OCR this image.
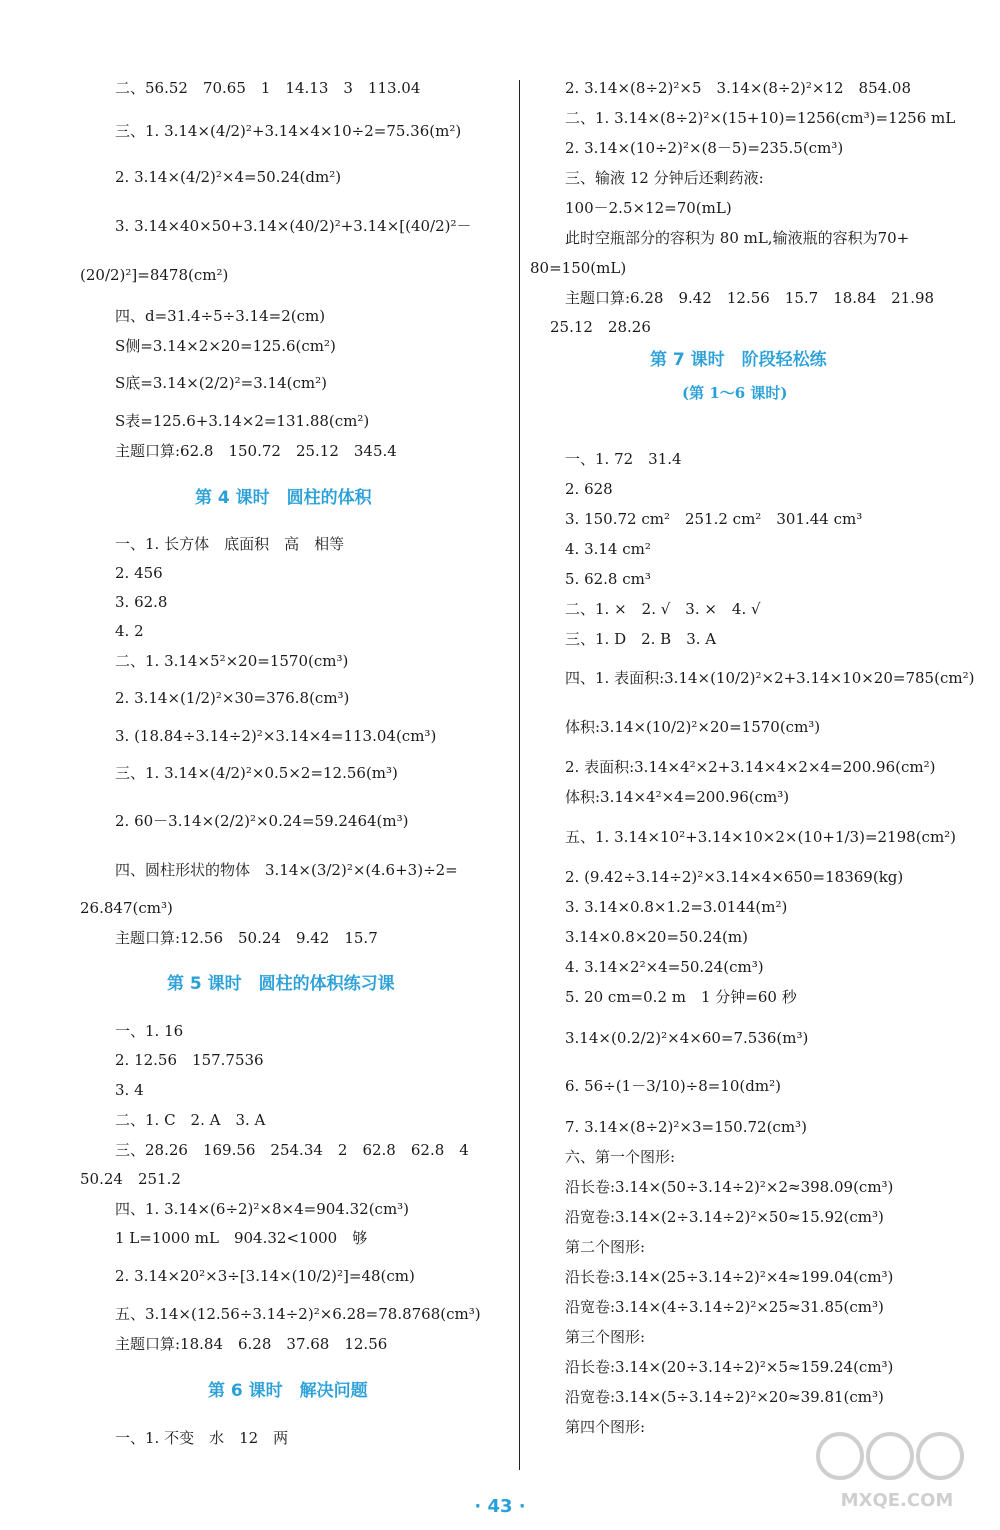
二、56.52　70.65　1　14.13　3　113.04
三、1. 3.14×(4/2)²+3.14×4×10÷2=75.36(m²)
2. 3.14×(4/2)²×4=50.24(dm²)
3. 3.14×40×50+3.14×(40/2)²+3.14×[(40/2)²－
(20/2)²]=8478(cm²)
四、d=31.4÷5÷3.14=2(cm)
S侧=3.14×2×20=125.6(cm²)
S底=3.14×(2/2)²=3.14(cm²)
S表=125.6+3.14×2=131.88(cm²)
主题口算:62.8　150.72　25.12　345.4
第 4 课时　圆柱的体积
一、1. 长方体　底面积　高　相等
2. 456
3. 62.8
4. 2
二、1. 3.14×5²×20=1570(cm³)
2. 3.14×(1/2)²×30=376.8(cm³)
3. (18.84÷3.14÷2)²×3.14×4=113.04(cm³)
三、1. 3.14×(4/2)²×0.5×2=12.56(m³)
2. 60－3.14×(2/2)²×0.24=59.2464(m³)
四、圆柱形状的物体　3.14×(3/2)²×(4.6+3)÷2=
26.847(cm³)
主题口算:12.56　50.24　9.42　15.7
第 5 课时　圆柱的体积练习课
一、1. 16
2. 12.56　157.7536
3. 4
二、1. C　2. A　3. A
三、28.26　169.56　254.34　2　62.8　62.8　4
50.24　251.2
四、1. 3.14×(6÷2)²×8×4=904.32(cm³)
1 L=1000 mL　904.32<1000　够
2. 3.14×20²×3÷[3.14×(10/2)²]=48(cm)
五、3.14×(12.56÷3.14÷2)²×6.28=78.8768(cm³)
主题口算:18.84　6.28　37.68　12.56
第 6 课时　解决问题
一、1. 不变　水　12　两
2. 3.14×(8÷2)²×5　3.14×(8÷2)²×12　854.08
二、1. 3.14×(8÷2)²×(15+10)=1256(cm³)=1256 mL
2. 3.14×(10÷2)²×(8－5)=235.5(cm³)
三、输液 12 分钟后还剩药液:
100－2.5×12=70(mL)
此时空瓶部分的容积为 80 mL,输液瓶的容积为70+
80=150(mL)
主题口算:6.28　9.42　12.56　15.7　18.84　21.98
25.12　28.26
第 7 课时　阶段轻松练
(第 1～6 课时)
一、1. 72　31.4
2. 628
3. 150.72 cm²　251.2 cm²　301.44 cm³
4. 3.14 cm²
5. 62.8 cm³
二、1. ×　2. √　3. ×　4. √
三、1. D　2. B　3. A
四、1. 表面积:3.14×(10/2)²×2+3.14×10×20=785(cm²)
体积:3.14×(10/2)²×20=1570(cm³)
2. 表面积:3.14×4²×2+3.14×4×2×4=200.96(cm²)
体积:3.14×4²×4=200.96(cm³)
五、1. 3.14×10²+3.14×10×2×(10+1/3)=2198(cm²)
2. (9.42÷3.14÷2)²×3.14×4×650=18369(kg)
3. 3.14×0.8×1.2=3.0144(m²)
3.14×0.8×20=50.24(m)
4. 3.14×2²×4=50.24(cm³)
5. 20 cm=0.2 m　1 分钟=60 秒
3.14×(0.2/2)²×4×60=7.536(m³)
6. 56÷(1－3/10)÷8=10(dm²)
7. 3.14×(8÷2)²×3=150.72(cm³)
六、第一个图形:
沿长卷:3.14×(50÷3.14÷2)²×2≈398.09(cm³)
沿宽卷:3.14×(2÷3.14÷2)²×50≈15.92(cm³)
第二个图形:
沿长卷:3.14×(25÷3.14÷2)²×4≈199.04(cm³)
沿宽卷:3.14×(4÷3.14÷2)²×25≈31.85(cm³)
第三个图形:
沿长卷:3.14×(20÷3.14÷2)²×5≈159.24(cm³)
沿宽卷:3.14×(5÷3.14÷2)²×20≈39.81(cm³)
第四个图形:
· 43 ·	MXQE.COM
